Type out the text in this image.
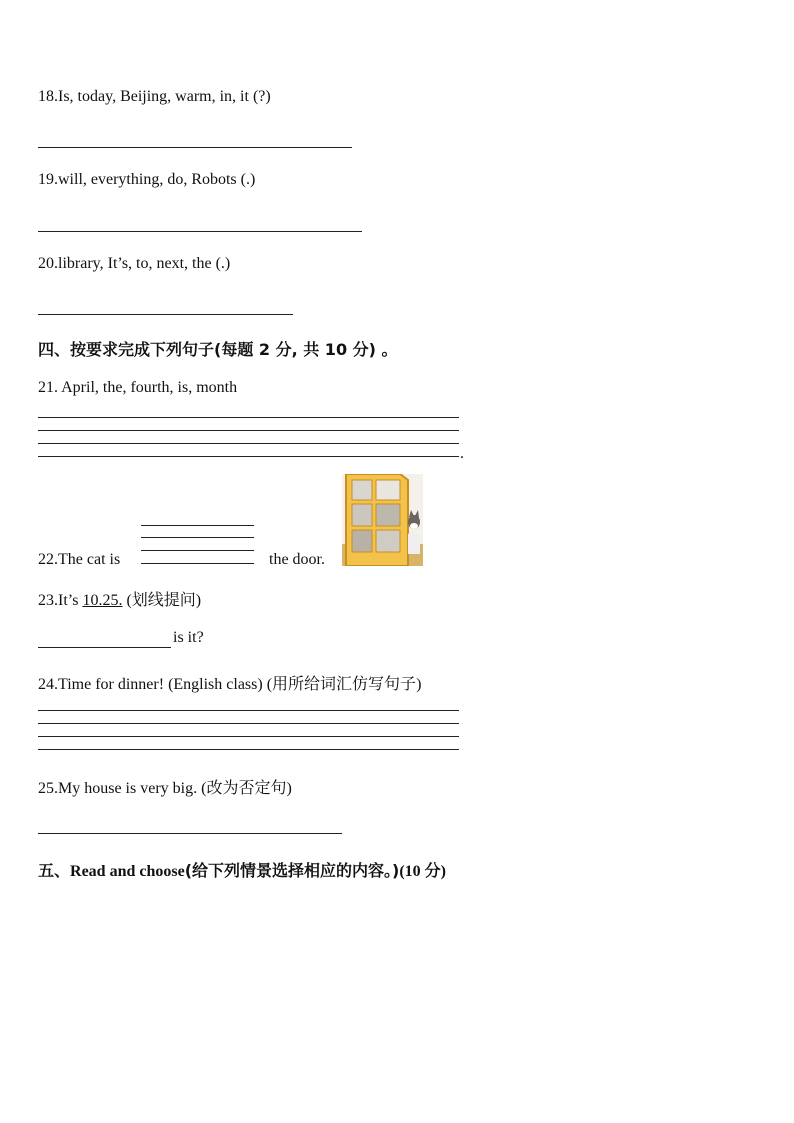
18.Is, today, Beijing, warm, in, it (?)
19.will, everything, do, Robots (.)
20.library, It’s, to, next, the (.)
四、按要求完成下列句子(每题 2 分, 共 10 分) 。
21. April, the, fourth, is, month
.
22.The cat is	the door.
23.It’s 10.25. (划线提问)
is it?
24.Time for dinner! (English class) (用所给词汇仿写句子)
25.My house is very big. (改为否定句)
五、Read and choose(给下列情景选择相应的内容。)(10 分)
